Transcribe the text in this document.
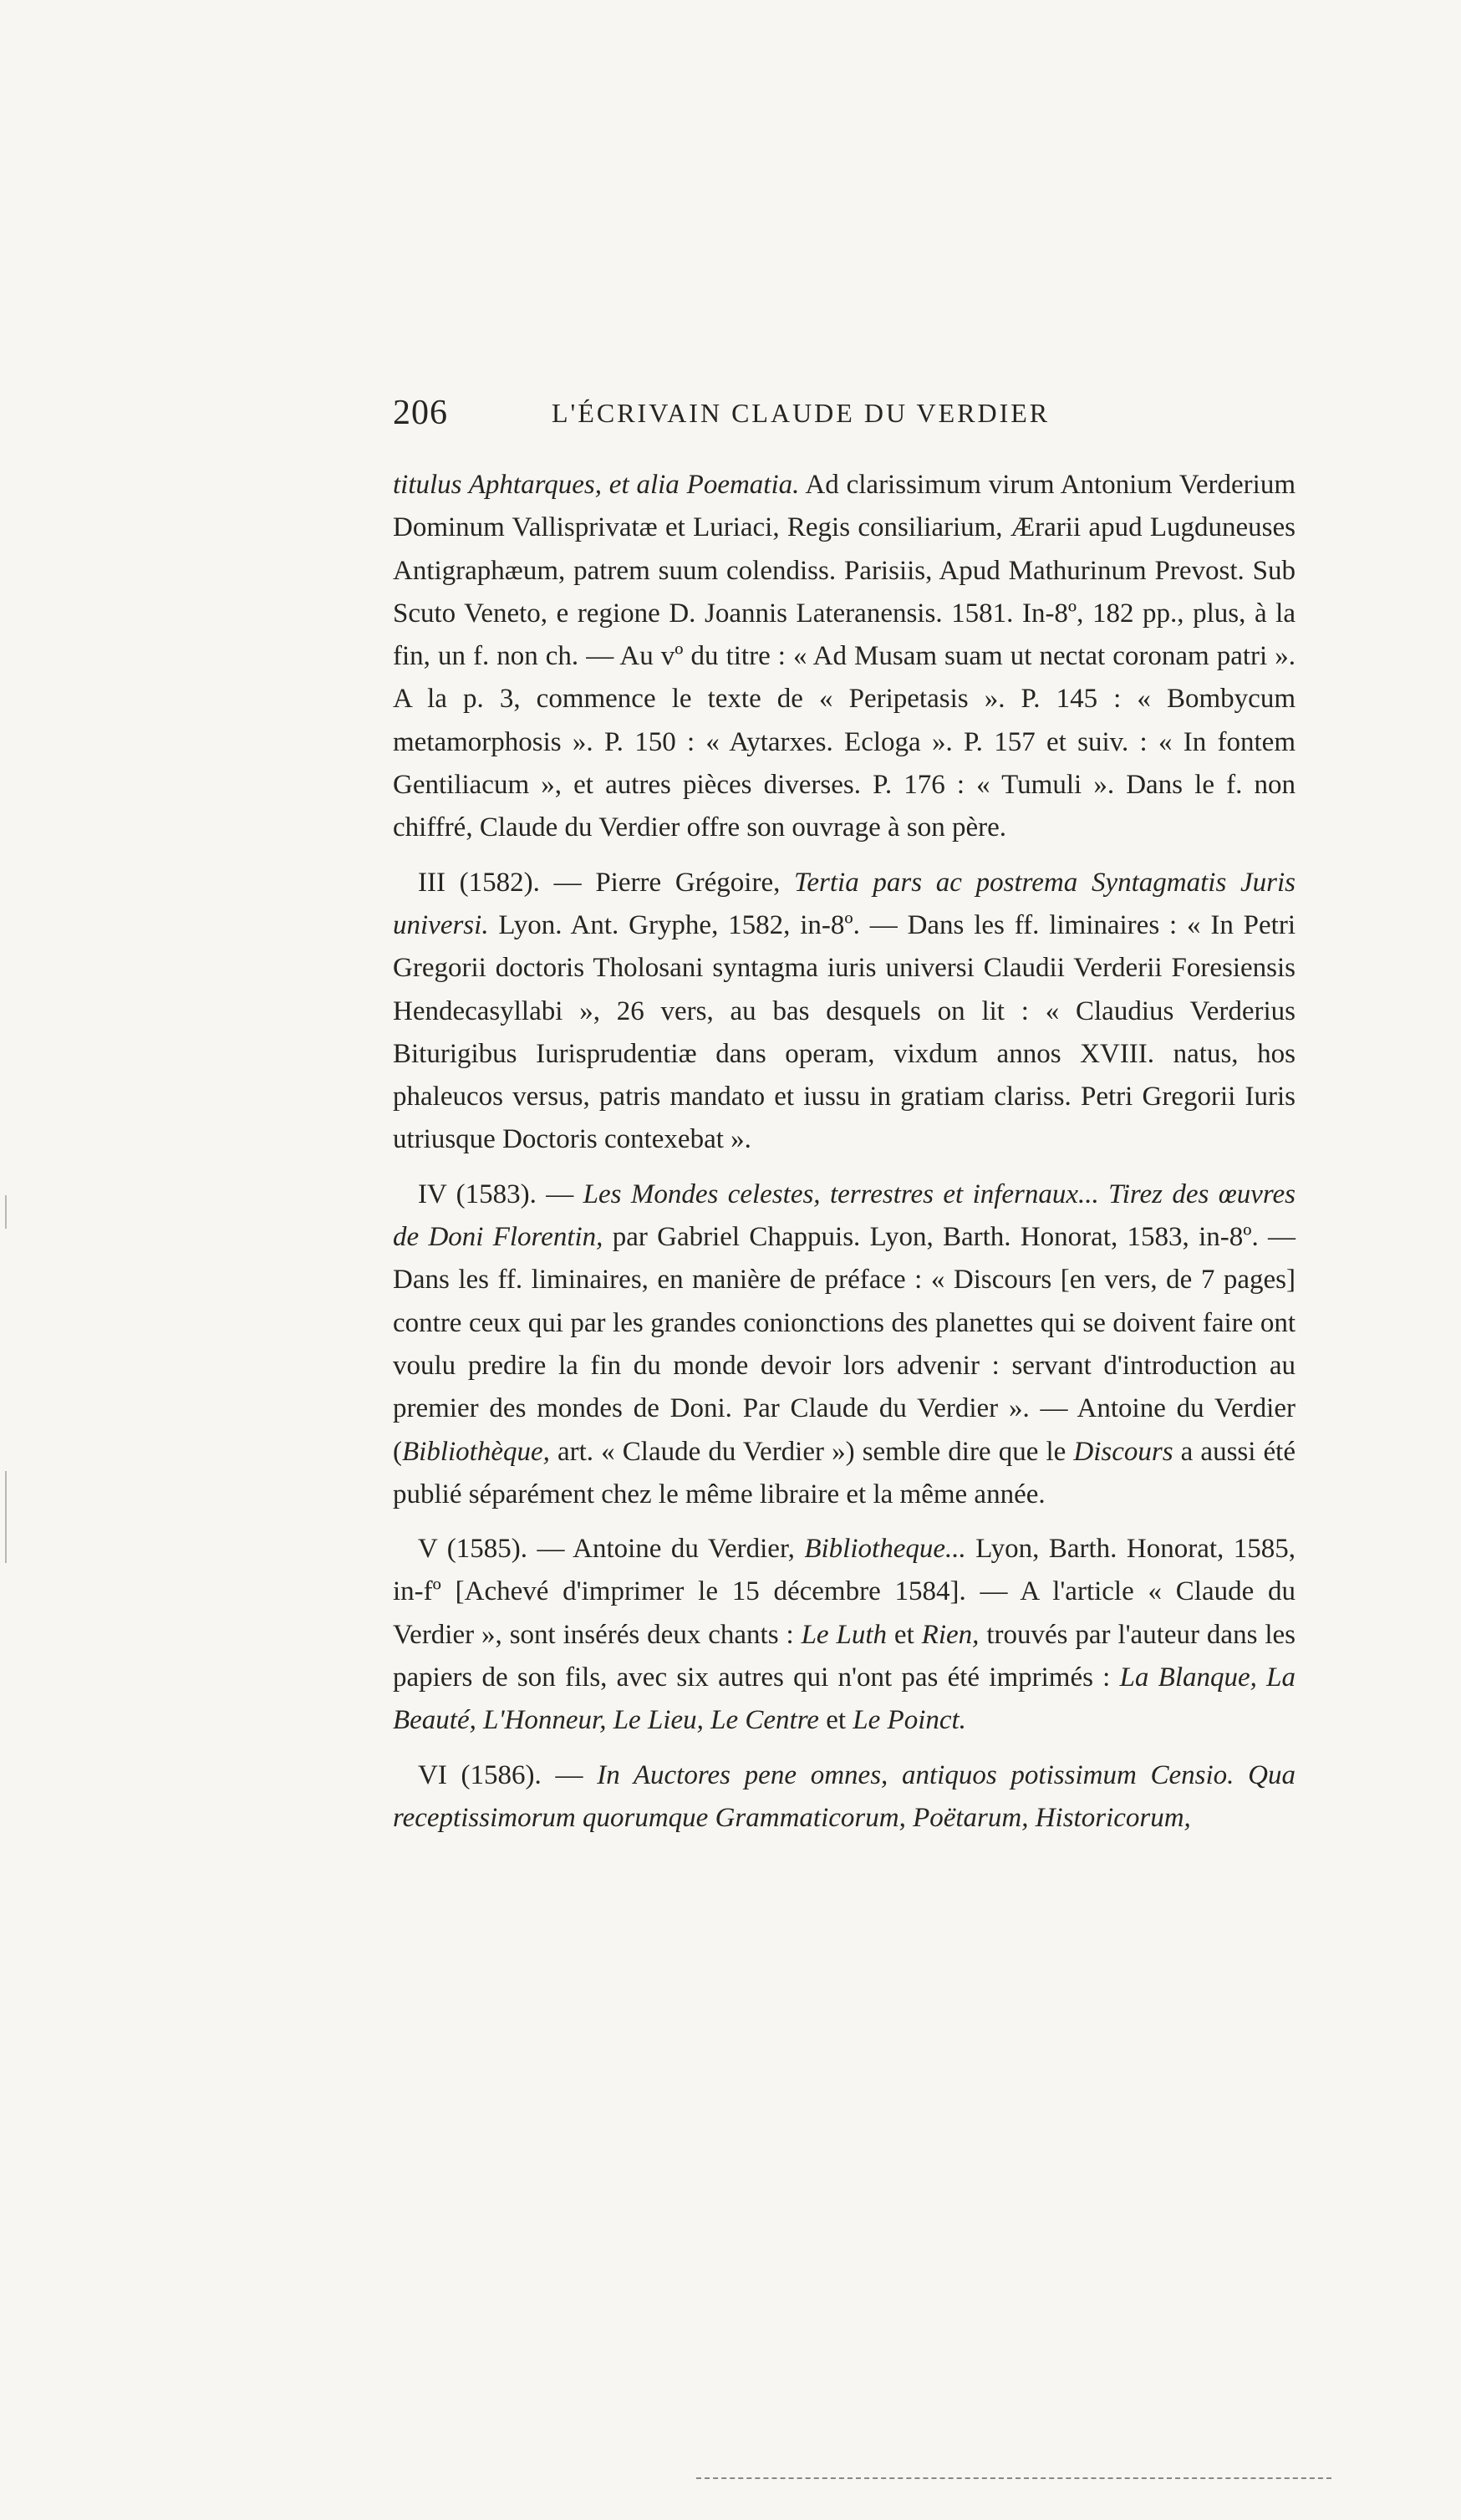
206	L'ÉCRIVAIN CLAUDE DU VERDIER

titulus Aphtarques, et alia Poematia. Ad clarissimum virum Antonium Verderium Dominum Vallisprivatæ et Luriaci, Regis consiliarium, Ærarii apud Lugduneuses Antigraphæum, patrem suum colendiss. Parisiis, Apud Mathurinum Prevost. Sub Scuto Veneto, e regione D. Joannis Lateranensis. 1581. In-8º, 182 pp., plus, à la fin, un f. non ch. — Au vº du titre : « Ad Musam suam ut nectat coronam patri ». A la p. 3, commence le texte de « Peripetasis ». P. 145 : « Bombycum metamorphosis ». P. 150 : « Aytarxes. Ecloga ». P. 157 et suiv. : « In fontem Gentiliacum », et autres pièces diverses. P. 176 : « Tumuli ». Dans le f. non chiffré, Claude du Verdier offre son ouvrage à son père.

III (1582). — Pierre Grégoire, Tertia pars ac postrema Syntagmatis Juris universi. Lyon. Ant. Gryphe, 1582, in-8º. — Dans les ff. liminaires : « In Petri Gregorii doctoris Tholosani syntagma iuris universi Claudii Verderii Foresiensis Hendecasyllabi », 26 vers, au bas desquels on lit : « Claudius Verderius Biturigibus Iurisprudentiæ dans operam, vixdum annos XVIII. natus, hos phaleucos versus, patris mandato et iussu in gratiam clariss. Petri Gregorii Iuris utriusque Doctoris contexebat ».

IV (1583). — Les Mondes celestes, terrestres et infernaux... Tirez des œuvres de Doni Florentin, par Gabriel Chappuis. Lyon, Barth. Honorat, 1583, in-8º. — Dans les ff. liminaires, en manière de préface : « Discours [en vers, de 7 pages] contre ceux qui par les grandes conionctions des planettes qui se doivent faire ont voulu predire la fin du monde devoir lors advenir : servant d'introduction au premier des mondes de Doni. Par Claude du Verdier ». — Antoine du Verdier (Bibliothèque, art. « Claude du Verdier ») semble dire que le Discours a aussi été publié séparément chez le même libraire et la même année.

V (1585). — Antoine du Verdier, Bibliotheque... Lyon, Barth. Honorat, 1585, in-fº [Achevé d'imprimer le 15 décembre 1584]. — A l'article « Claude du Verdier », sont insérés deux chants : Le Luth et Rien, trouvés par l'auteur dans les papiers de son fils, avec six autres qui n'ont pas été imprimés : La Blanque, La Beauté, L'Honneur, Le Lieu, Le Centre et Le Poinct.

VI (1586). — In Auctores pene omnes, antiquos potissimum Censio. Qua receptissimorum quorumque Grammaticorum, Poëtarum, Historicorum,
